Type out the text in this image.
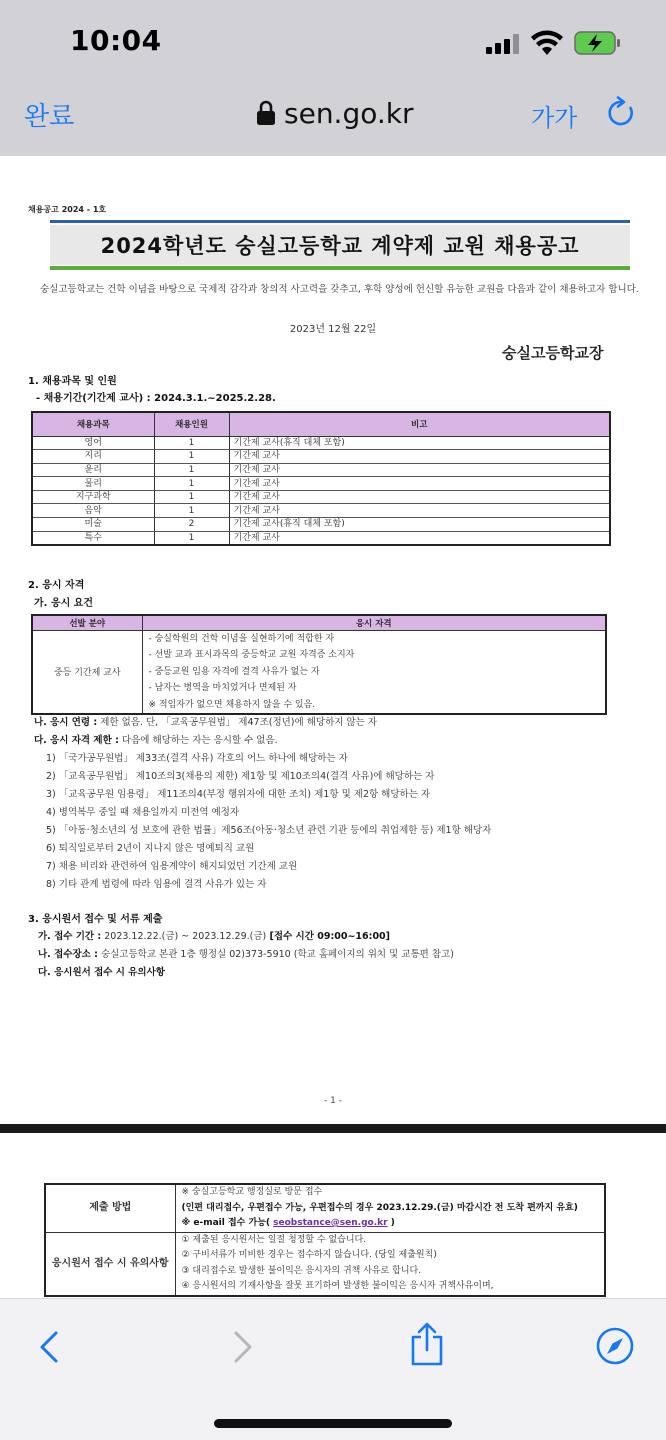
10:04
완료	sen.go.kr	가가
채용공고 2024 - 1호
2024학년도 숭실고등학교 계약제 교원 채용공고
숭실고등학교는 건학 이념을 바탕으로 국제적 감각과 창의적 사고력을 갖추고, 후학 양성에 헌신할 유능한 교원을 다음과 같이 채용하고자 합니다.
2023년 12월 22일
숭실고등학교장
1. 채용과목 및 인원
- 채용기간(기간제 교사) : 2024.3.1.~2025.2.28.
채용과목	채용인원	비고
영어	1	기간제 교사(휴직 대체 포함)
지리	1	기간제 교사
윤리	1	기간제 교사
물리	1	기간제 교사
지구과학	1	기간제 교사
음악	1	기간제 교사
미술	2	기간제 교사(휴직 대체 포함)
특수	1	기간제 교사
2. 응시 자격
가. 응시 요건
선발 분야	응시 자격
중등 기간제 교사	- 숭실학원의 건학 이념을 실현하기에 적합한 자
- 선발 교과 표시과목의 중등학교 교원 자격증 소지자
- 중등교원 임용 자격에 결격 사유가 없는 자
- 남자는 병역을 마치었거나 면제된 자
※ 적임자가 없으면 채용하지 않을 수 있음.
나. 응시 연령 : 제한 없음. 단, 「교육공무원법」 제47조(정년)에 해당하지 않는 자
다. 응시 자격 제한 : 다음에 해당하는 자는 응시할 수 없음.
1) 「국가공무원법」 제33조(결격 사유) 각호의 어느 하나에 해당하는 자
2) 「교육공무원법」 제10조의3(채용의 제한) 제1항 및 제10조의4(결격 사유)에 해당하는 자
3) 「교육공무원 임용령」 제11조의4(부정 행위자에 대한 조치) 제1항 및 제2항 해당하는 자
4) 병역복무 중일 때 채용일까지 미전역 예정자
5) 「아동·청소년의 성 보호에 관한 법률」제56조(아동·청소년 관련 기관 등에의 취업제한 등) 제1항 해당자
6) 퇴직일로부터 2년이 지나지 않은 명예퇴직 교원
7) 채용 비리와 관련하여 임용계약이 해지되었던 기간제 교원
8) 기타 관계 법령에 따라 임용에 결격 사유가 있는 자
3. 응시원서 접수 및 서류 제출
가. 접수 기간 : 2023.12.22.(금) ~ 2023.12.29.(금) [접수 시간 09:00~16:00]
나. 접수장소 : 숭실고등학교 본관 1층 행정실 02)373-5910 (학교 홈페이지의 위치 및 교통편 참고)
다. 응시원서 접수 시 유의사항
- 1 -
제출 방법	※ 숭실고등학교 행정실로 방문 접수
(인편 대리접수, 우편접수 가능, 우편접수의 경우 2023.12.29.(금) 마감시간 전 도착 편까지 유효)
※ e-mail 접수 가능( seobstance@sen.go.kr )

응시원서 접수 시 유의사항	① 제출된 응시원서는 일절 청정할 수 없습니다.
② 구비서류가 미비한 경우는 접수하지 않습니다. (당일 제출원칙)
③ 대리접수로 발생한 불이익은 응시자의 귀책 사유로 합니다.
④ 응시원서의 기재사항을 잘못 표기하여 발생한 불이익은 응시자 귀책사유이며,
